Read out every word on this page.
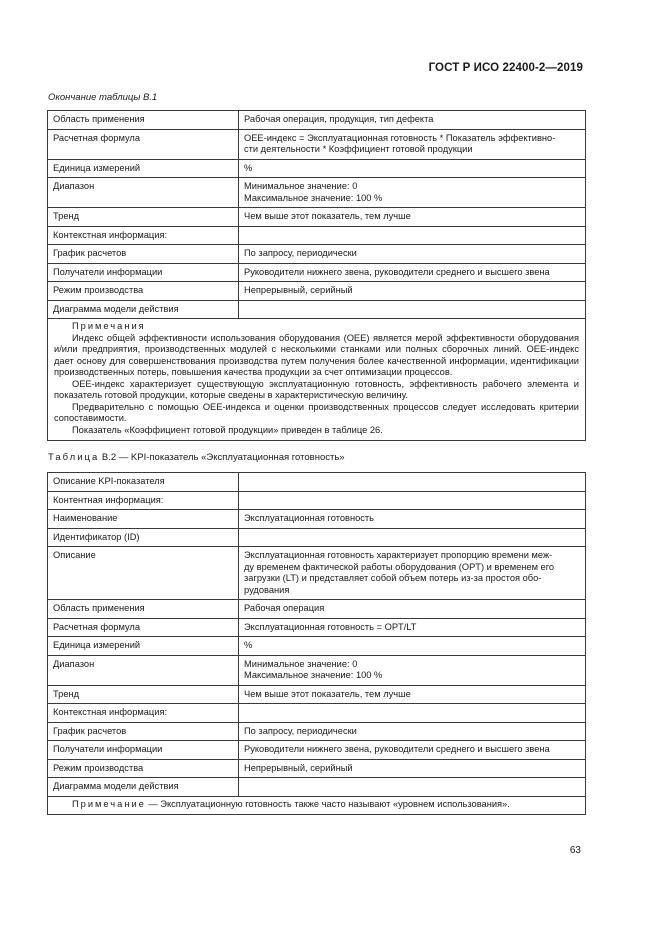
ГОСТ Р ИСО 22400-2—2019
Окончание таблицы В.1
Область применения	Рабочая операция, продукция, тип дефекта

Расчетная формула	ОЕЕ-индекс = Эксплуатационная готовность * Показатель эффективно-
сти деятельности * Коэффициент готовой продукции

Единица измерений	%

Диапазон	Минимальное значение: 0
Максимальное значение: 100 %

Тренд	Чем выше этот показатель, тем лучше

Контекстная информация:	

График расчетов	По запросу, периодически

Получатели информации	Руководители нижнего звена, руководители среднего и высшего звена

Режим производства	Непрерывный, серийный

Диаграмма модели действия	

Примечания

Индекс общей эффективности использования оборудования (ОЕЕ) является мерой эффективности оборудования и/или предприятия, производственных модулей с несколькими станками или полных сборочных линий. ОЕЕ-индекс дает основу для совершенствования производства путем получения более качественной информации, идентификации производственных потерь, повышения качества продукции за счет оптимизации процессов.

ОЕЕ-индекс характеризует существующую эксплуатационную готовность, эффективность рабочего элемента и показатель готовой продукции, которые сведены в характеристическую величину.

Предварительно с помощью ОЕЕ-индекса и оценки производственных процессов следует исследовать критерии сопоставимости.

Показатель «Коэффициент готовой продукции» приведен в таблице 26.	

Таблица В.2 — KPI-показатель «Эксплуатационная готовность»
Описание KPI-показателя	

Контентная информация:	

Наименование	Эксплуатационная готовность

Идентификатор (ID)	

Описание	Эксплуатационная готовность характеризует пропорцию времени меж-
ду временем фактической работы оборудования (OPT) и временем его
загрузки (LT) и представляет собой объем потерь из-за простоя обо-
рудования

Область применения	Рабочая операция

Расчетная формула	Эксплуатационная готовность = OPT/LT

Единица измерений	%

Диапазон	Минимальное значение: 0
Максимальное значение: 100 %

Тренд	Чем выше этот показатель, тем лучше

Контекстная информация:	

График расчетов	По запросу, периодически

Получатели информации	Руководители нижнего звена, руководители среднего и высшего звена

Режим производства	Непрерывный, серийный

Диаграмма модели действия	

Примечание — Эксплуатационную готовность также часто называют «уровнем использования».	

63
